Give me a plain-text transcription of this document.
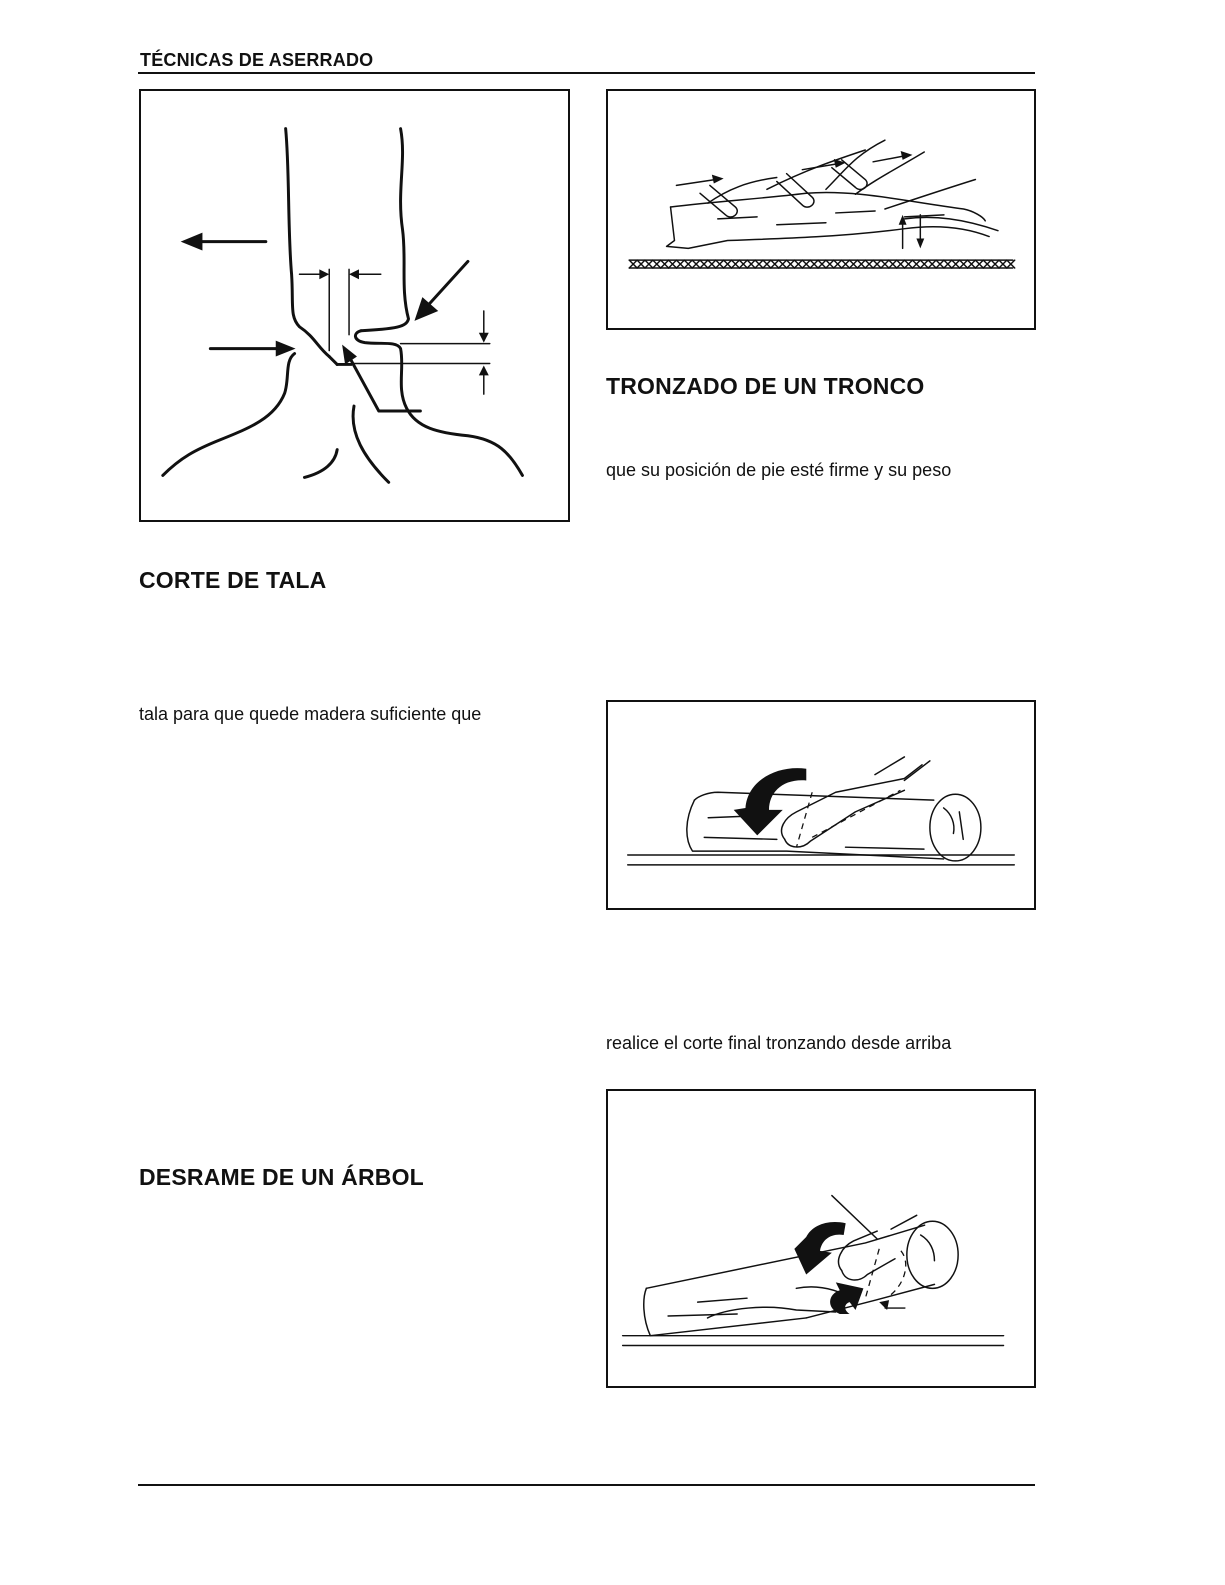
TÉCNICAS DE ASERRADO
TRONZADO DE UN TRONCO
que su posición de pie esté firme y su peso
CORTE DE TALA
tala para que quede madera suficiente que
realice el corte final tronzando desde arriba
DESRAME DE UN ÁRBOL
